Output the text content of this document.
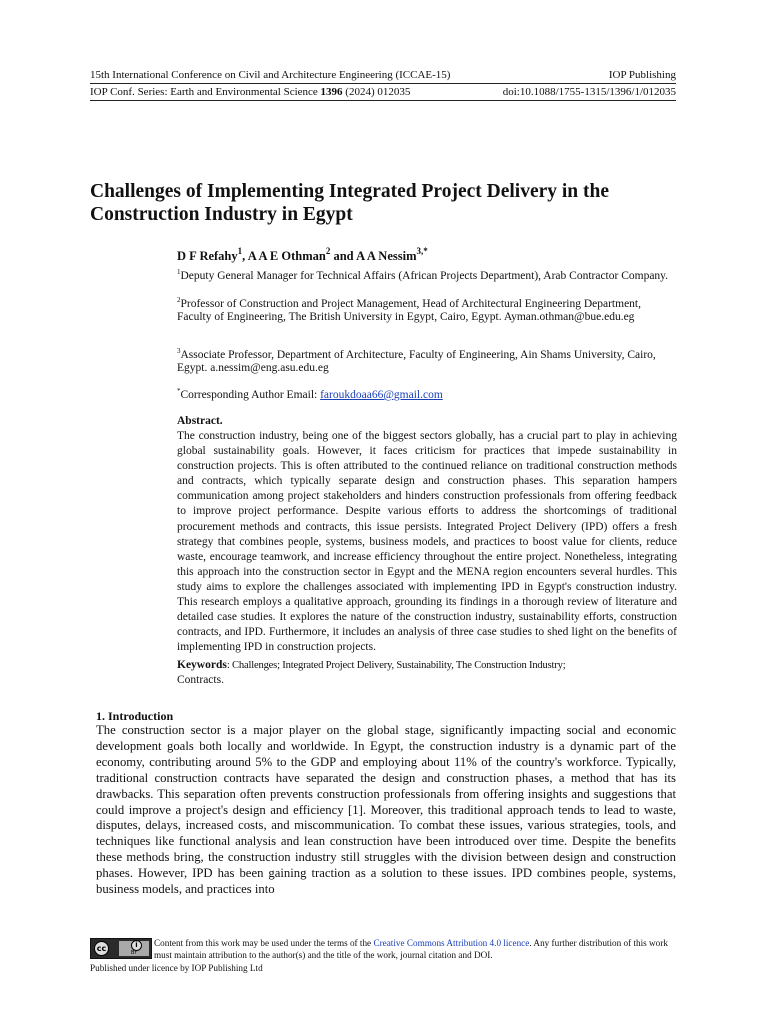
15th International Conference on Civil and Architecture Engineering (ICCAE-15)	IOP Publishing
IOP Conf. Series: Earth and Environmental Science 1396 (2024) 012035	doi:10.1088/1755-1315/1396/1/012035
Challenges of Implementing Integrated Project Delivery in the Construction Industry in Egypt
D F Refahy$^1$, A A E Othman$^2$ and A A Nessim$^{3,*}$
$^1$Deputy General Manager for Technical Affairs (African Projects Department), Arab Contractor Company.
$^2$Professor of Construction and Project Management, Head of Architectural Engineering Department, Faculty of Engineering, The British University in Egypt, Cairo, Egypt. Ayman.othman@bue.edu.eg
$^3$Associate Professor, Department of Architecture, Faculty of Engineering, Ain Shams University, Cairo, Egypt. a.nessim@eng.asu.edu.eg
*Corresponding Author Email: faroukdoaa66@gmail.com
Abstract.
The construction industry, being one of the biggest sectors globally, has a crucial part to play in achieving global sustainability goals. However, it faces criticism for practices that impede sustainability in construction projects. This is often attributed to the continued reliance on traditional construction methods and contracts, which typically separate design and construction phases. This separation hampers communication among project stakeholders and hinders construction professionals from offering feedback to improve project performance. Despite various efforts to address the shortcomings of traditional procurement methods and contracts, this issue persists. Integrated Project Delivery (IPD) offers a fresh strategy that combines people, systems, business models, and practices to boost value for clients, reduce waste, encourage teamwork, and increase efficiency throughout the entire project. Nonetheless, integrating this approach into the construction sector in Egypt and the MENA region encounters several hurdles. This study aims to explore the challenges associated with implementing IPD in Egypt's construction industry. This research employs a qualitative approach, grounding its findings in a thorough review of literature and detailed case studies. It explores the nature of the construction industry, sustainability efforts, construction contracts, and IPD. Furthermore, it includes an analysis of three case studies to shed light on the benefits of implementing IPD in construction projects.
Keywords: Challenges; Integrated Project Delivery, Sustainability, The Construction Industry;
Contracts.
1. Introduction
The construction sector is a major player on the global stage, significantly impacting social and economic development goals both locally and worldwide. In Egypt, the construction industry is a dynamic part of the economy, contributing around 5% to the GDP and employing about 11% of the country's workforce. Typically, traditional construction contracts have separated the design and construction phases, a method that has its drawbacks. This separation often prevents construction professionals from offering insights and suggestions that could improve a project's design and efficiency [1]. Moreover, this traditional approach tends to lead to waste, disputes, delays, increased costs, and miscommunication. To combat these issues, various strategies, tools, and techniques like functional analysis and lean construction have been introduced over time. Despite the benefits these methods bring, the construction industry still struggles with the division between design and construction phases. However, IPD has been gaining traction as a solution to these issues. IPD combines people, systems, business models, and practices into
cc	i
BY
Content from this work may be used under the terms of the Creative Commons Attribution 4.0 licence. Any further distribution of this work must maintain attribution to the author(s) and the title of the work, journal citation and DOI.
Published under licence by IOP Publishing Ltd
